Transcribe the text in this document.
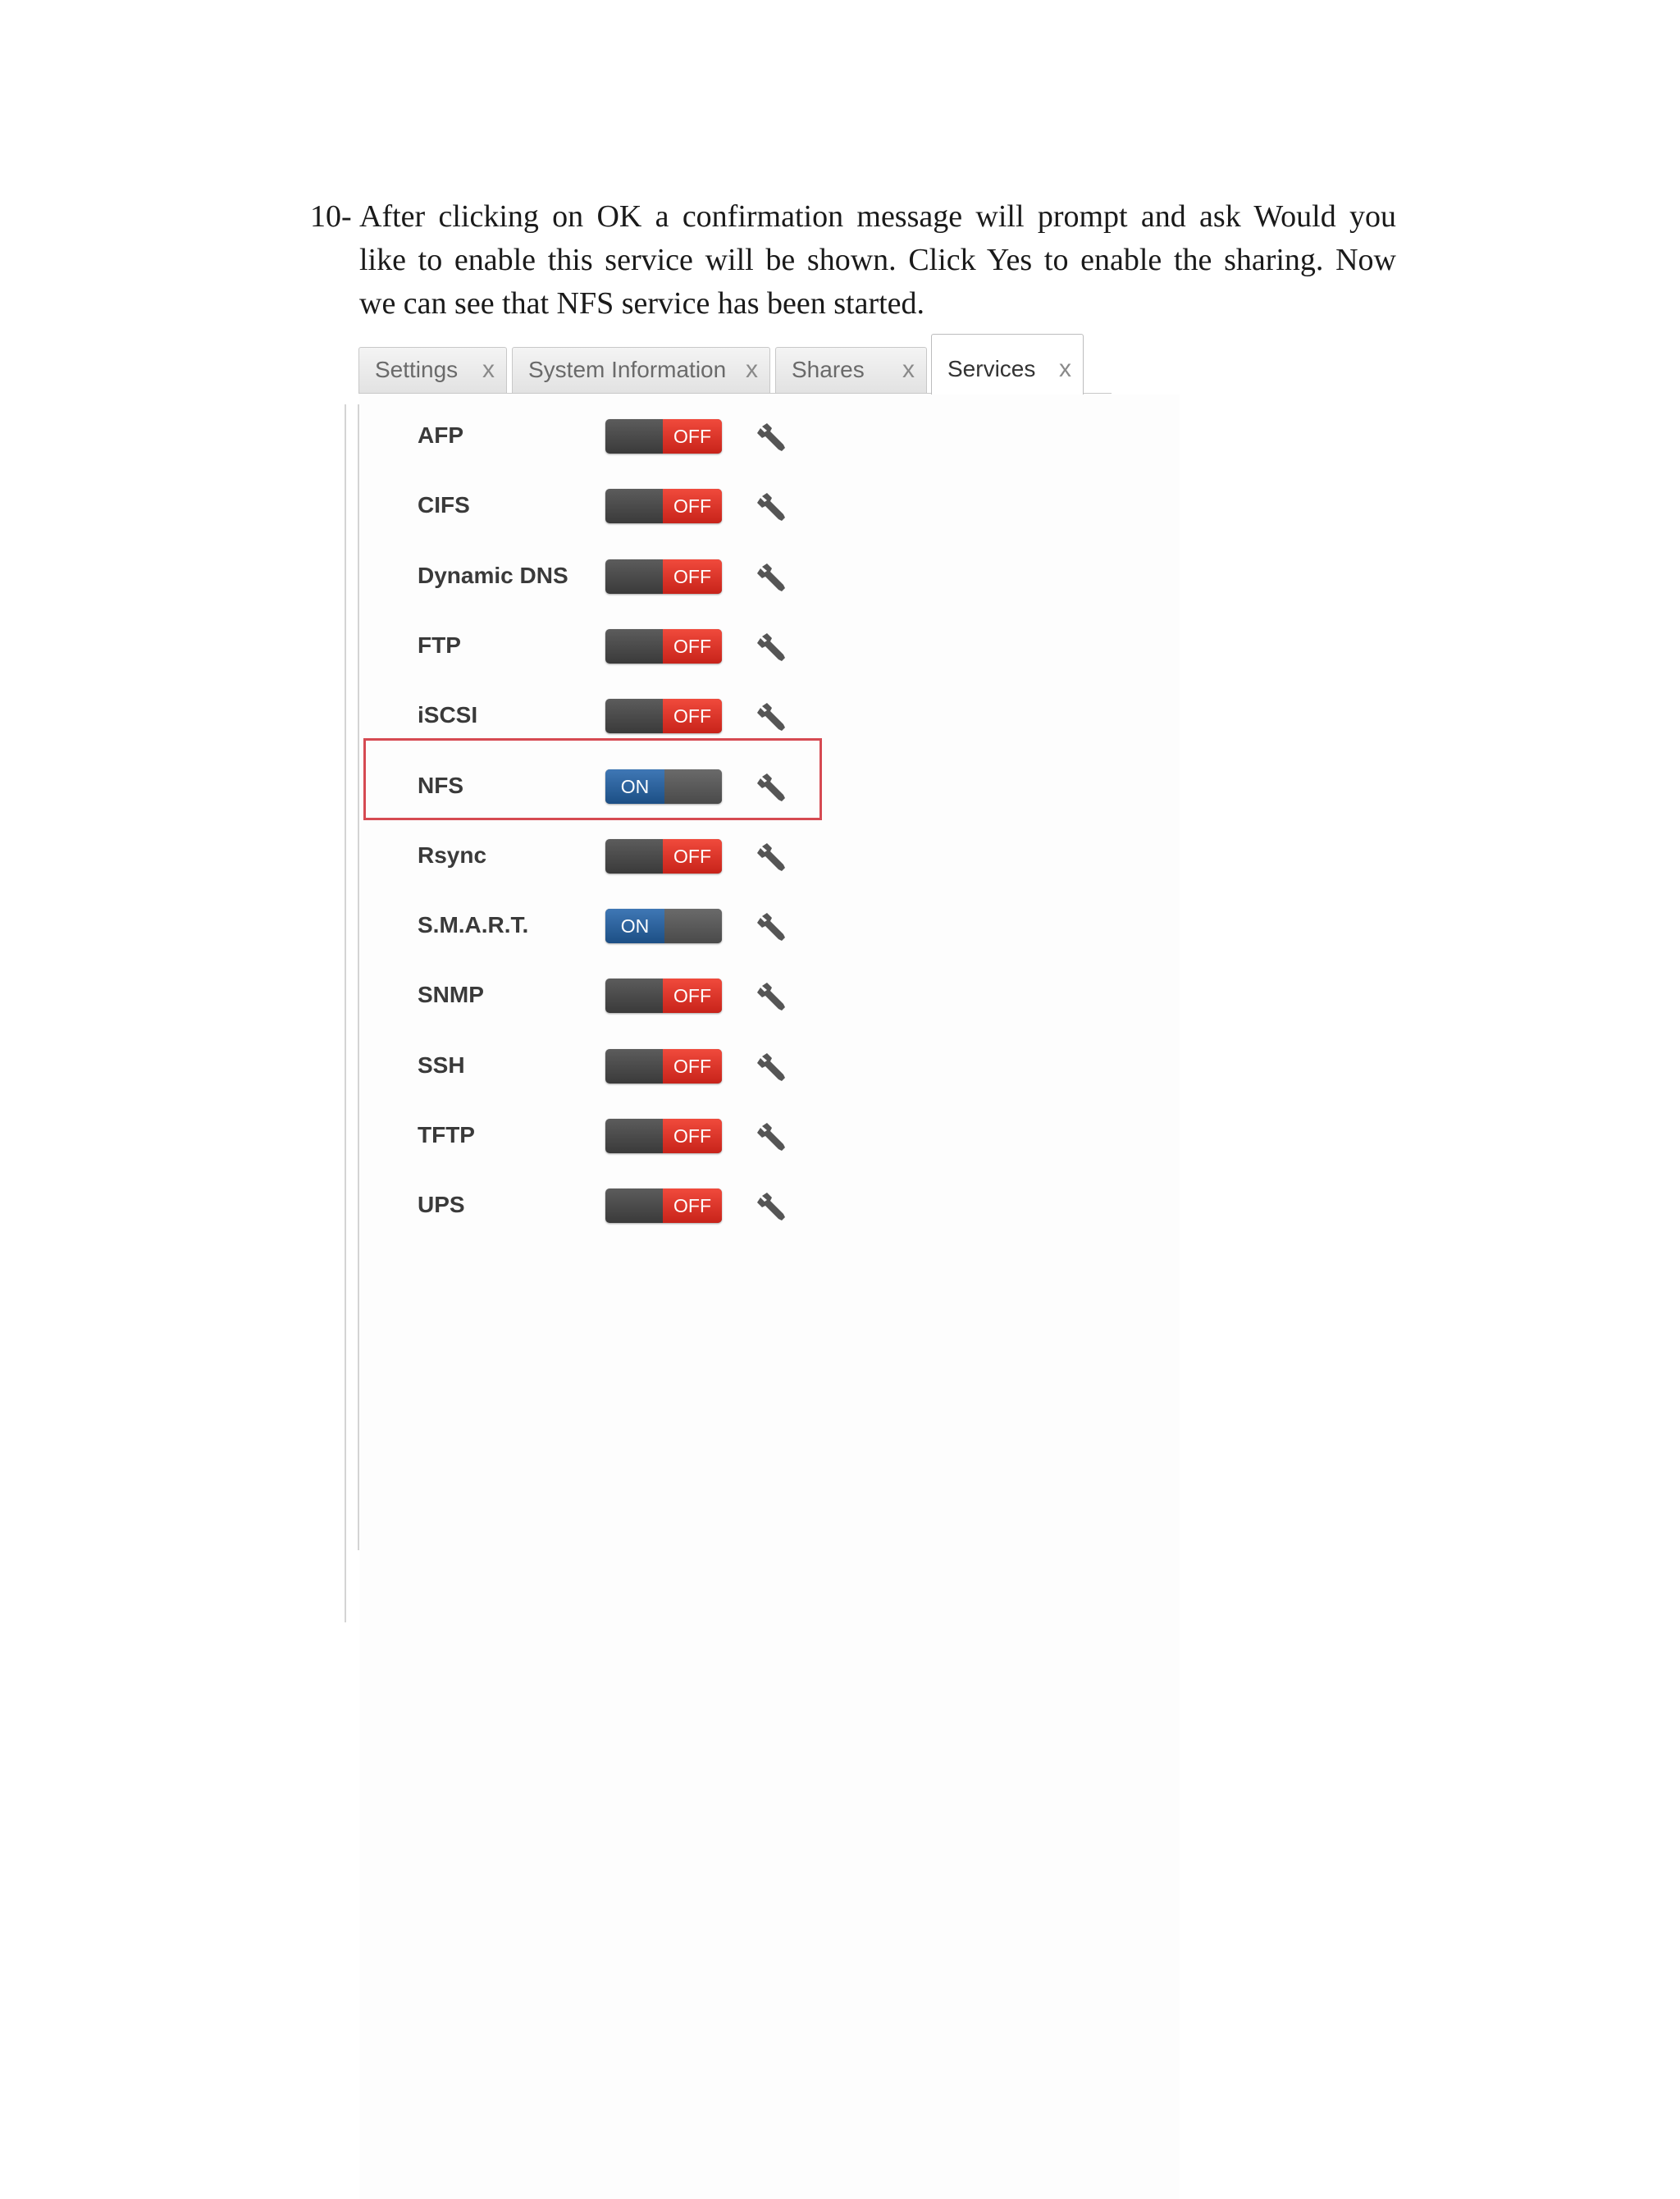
10- After clicking on OK a confirmation message will prompt and ask Would you
like to enable this service will be shown. Click Yes to enable the sharing. Now
we can see that NFS service has been started.
Settings x System Information x Shares x Services x
AFP	OFF
CIFS	OFF
Dynamic DNS	OFF
FTP	OFF
iSCSI	OFF
NFS	ON
Rsync	OFF
S.M.A.R.T.	ON
SNMP	OFF
SSH	OFF
TFTP	OFF
UPS	OFF
